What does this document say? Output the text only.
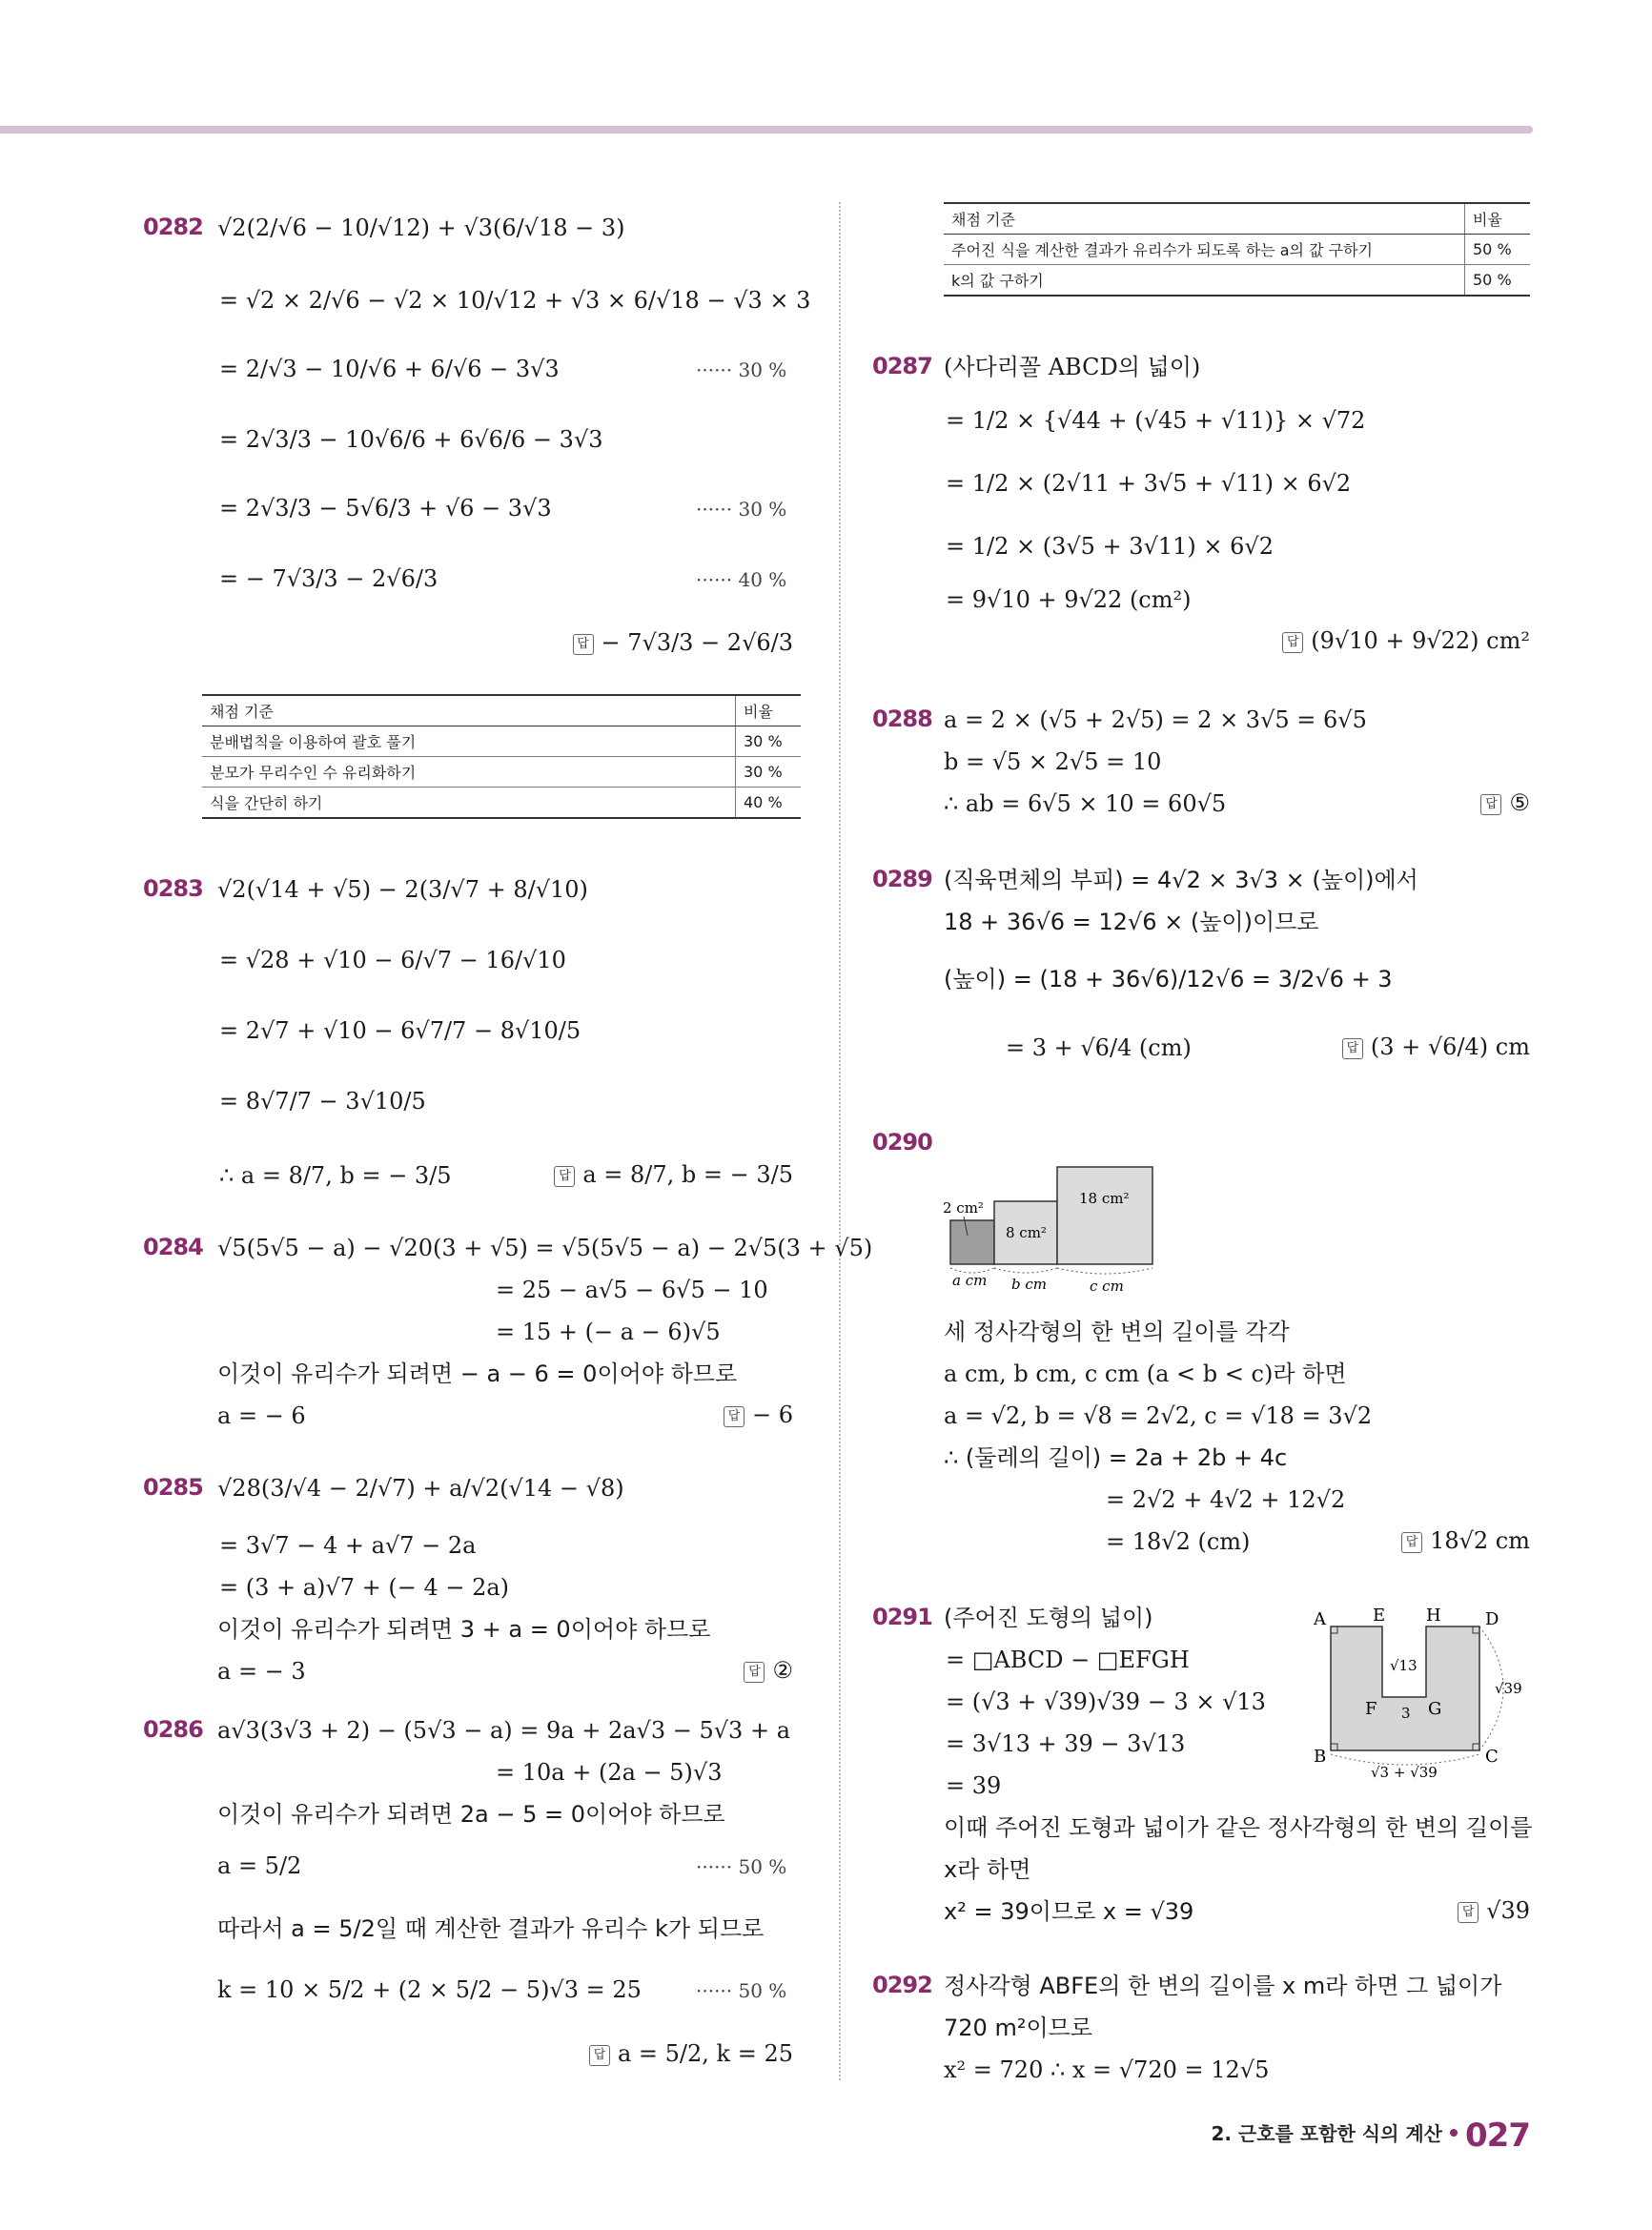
0282 √2(2/√6 − 10/√12) + √3(6/√18 − 3)
= √2 × 2/√6 − √2 × 10/√12 + √3 × 6/√18 − √3 × 3
= 2/√3 − 10/√6 + 6/√6 − 3√3	······ 30 %
= 2√3/3 − 10√6/6 + 6√6/6 − 3√3
= 2√3/3 − 5√6/3 + √6 − 3√3	······ 30 %
= − 7√3/3 − 2√6/3	······ 40 %
답 − 7√3/3 − 2√6/3
채점 기준	비율
분배법칙을 이용하여 괄호 풀기	30 %
분모가 무리수인 수 유리화하기	30 %
식을 간단히 하기	40 %
0283 √2(√14 + √5) − 2(3/√7 + 8/√10)
= √28 + √10 − 6/√7 − 16/√10
= 2√7 + √10 − 6√7/7 − 8√10/5
= 8√7/7 − 3√10/5
∴ a = 8/7, b = − 3/5	답 a = 8/7, b = − 3/5
0284 √5(5√5 − a) − √20(3 + √5) = √5(5√5 − a) − 2√5(3 + √5)
= 25 − a√5 − 6√5 − 10
= 15 + (− a − 6)√5
이것이 유리수가 되려면 − a − 6 = 0이어야 하므로
a = − 6	답 − 6
0285 √28(3/√4 − 2/√7) + a/√2(√14 − √8)
= 3√7 − 4 + a√7 − 2a
= (3 + a)√7 + (− 4 − 2a)
이것이 유리수가 되려면 3 + a = 0이어야 하므로
a = − 3	답 ②
0286 a√3(3√3 + 2) − (5√3 − a) = 9a + 2a√3 − 5√3 + a
= 10a + (2a − 5)√3
이것이 유리수가 되려면 2a − 5 = 0이어야 하므로
a = 5/2	······ 50 %
따라서 a = 5/2일 때 계산한 결과가 유리수 k가 되므로
k = 10 × 5/2 + (2 × 5/2 − 5)√3 = 25	······ 50 %
답 a = 5/2, k = 25
채점 기준	비율
주어진 식을 계산한 결과가 유리수가 되도록 하는 a의 값 구하기	50 %
k의 값 구하기	50 %
0287 (사다리꼴 ABCD의 넓이)
= 1/2 × {√44 + (√45 + √11)} × √72
= 1/2 × (2√11 + 3√5 + √11) × 6√2
= 1/2 × (3√5 + 3√11) × 6√2
= 9√10 + 9√22 (cm²)
답 (9√10 + 9√22) cm²
0288 a = 2 × (√5 + 2√5) = 2 × 3√5 = 6√5
b = √5 × 2√5 = 10
∴ ab = 6√5 × 10 = 60√5	답 ⑤
0289 (직육면체의 부피) = 4√2 × 3√3 × (높이)에서
18 + 36√6 = 12√6 × (높이)이므로
(높이) = (18 + 36√6)/12√6 = 3/2√6 + 3
= 3 + √6/4 (cm)	답 (3 + √6/4) cm
0290
2 cm²
8 cm²
18 cm²
a cm b cm	c cm
세 정사각형의 한 변의 길이를 각각
a cm, b cm, c cm (a < b < c)라 하면
a = √2, b = √8 = 2√2, c = √18 = 3√2
∴ (둘레의 길이) = 2a + 2b + 4c
= 2√2 + 4√2 + 12√2
= 18√2 (cm)	답 18√2 cm
0291 (주어진 도형의 넓이)
= □ABCD − □EFGH
= (√3 + √39)√39 − 3 × √13
= 3√13 + 39 − 3√13
= 39
A	E H	D
B	C
F	G
√13
3
√39
√3 + √39
이때 주어진 도형과 넓이가 같은 정사각형의 한 변의 길이를
x라 하면
x² = 39이므로 x = √39	답 √39
0292 정사각형 ABFE의 한 변의 길이를 x m라 하면 그 넓이가
720 m²이므로
x² = 720 ∴ x = √720 = 12√5
2. 근호를 포함한 식의 계산 027
